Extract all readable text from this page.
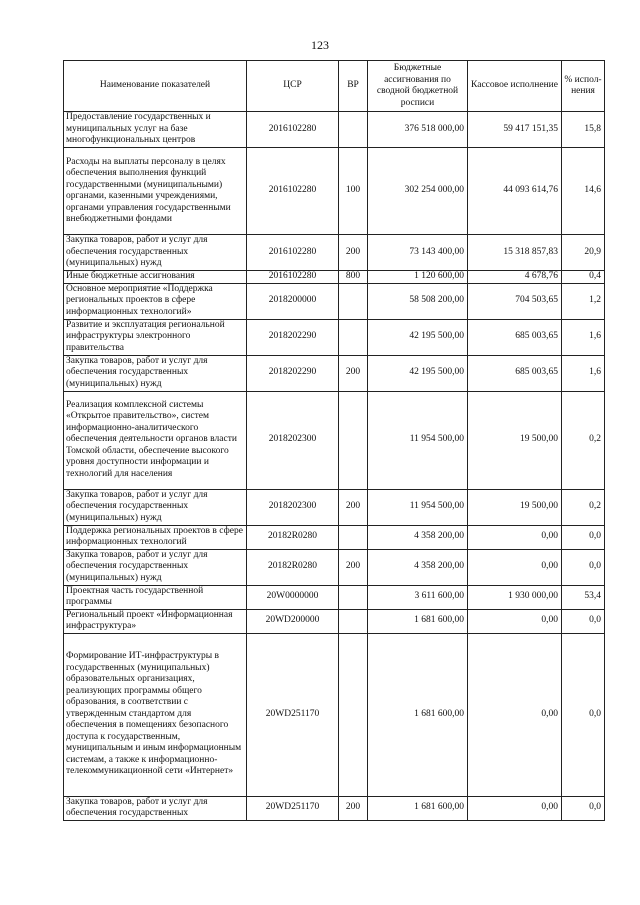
123
Наименование показателей	ЦСР	ВР	Бюджетные ассигнования по сводной бюджетной росписи	Кассовое исполнение	% испол-нения
Предоставление государственных и муниципальных услуг на базе многофункциональных центров	2016102280		376 518 000,00	59 417 151,35	15,8
Расходы на выплаты персоналу в целях обеспечения выполнения функций государственными (муниципальными) органами, казенными учреждениями, органами управления государственными внебюджетными фондами	2016102280	100	302 254 000,00	44 093 614,76	14,6
Закупка товаров, работ и услуг для обеспечения государственных (муниципальных) нужд	2016102280	200	73 143 400,00	15 318 857,83	20,9
Иные бюджетные ассигнования	2016102280	800	1 120 600,00	4 678,76	0,4
Основное мероприятие «Поддержка региональных проектов в сфере информационных технологий»	2018200000		58 508 200,00	704 503,65	1,2
Развитие и эксплуатация региональной инфраструктуры электронного правительства	2018202290		42 195 500,00	685 003,65	1,6
Закупка товаров, работ и услуг для обеспечения государственных (муниципальных) нужд	2018202290	200	42 195 500,00	685 003,65	1,6
Реализация комплексной системы «Открытое правительство», систем информационно-аналитического обеспечения деятельности органов власти Томской области, обеспечение высокого уровня доступности информации и технологий для населения	2018202300		11 954 500,00	19 500,00	0,2
Закупка товаров, работ и услуг для обеспечения государственных (муниципальных) нужд	2018202300	200	11 954 500,00	19 500,00	0,2
Поддержка региональных проектов в сфере информационных технологий	20182R0280		4 358 200,00	0,00	0,0
Закупка товаров, работ и услуг для обеспечения государственных (муниципальных) нужд	20182R0280	200	4 358 200,00	0,00	0,0
Проектная часть государственной программы	20W0000000		3 611 600,00	1 930 000,00	53,4
Региональный проект «Информационная инфраструктура»	20WD200000		1 681 600,00	0,00	0,0
Формирование ИТ-инфраструктуры в государственных (муниципальных) образовательных организациях, реализующих программы общего образования, в соответствии с утвержденным стандартом для обеспечения в помещениях безопасного доступа к государственным, муниципальным и иным информационным системам, а также к информационно-телекоммуникационной сети «Интернет»	20WD251170		1 681 600,00	0,00	0,0
Закупка товаров, работ и услуг для обеспечения государственных	20WD251170	200	1 681 600,00	0,00	0,0
